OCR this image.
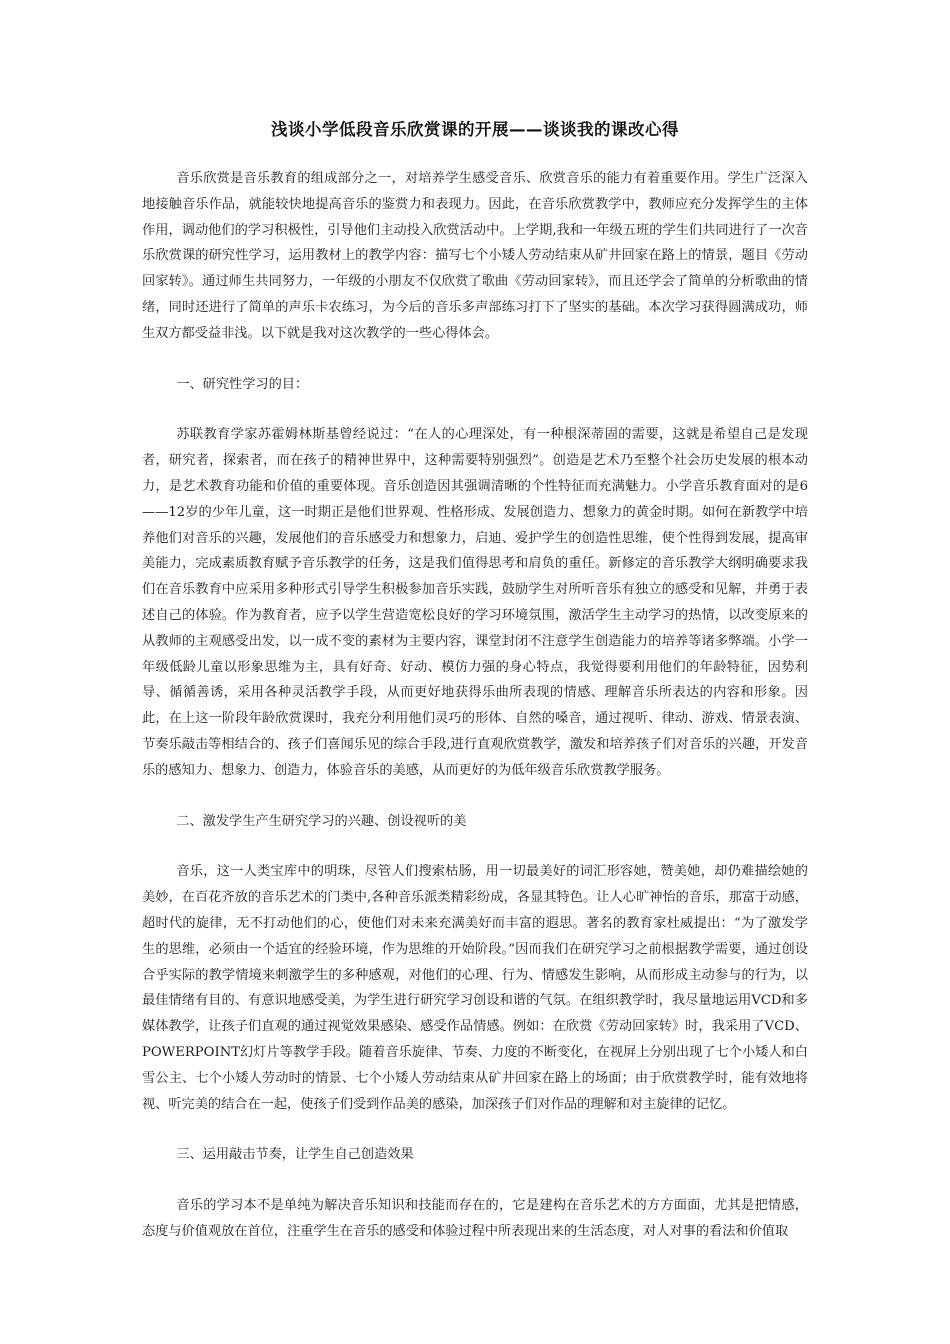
浅谈小学低段音乐欣赏课的开展——谈谈我的课改心得

音乐欣赏是音乐教育的组成部分之一，对培养学生感受音乐、欣赏音乐的能力有着重要作用。学生广泛深入地接触音乐作品，就能较快地提高音乐的鉴赏力和表现力。因此，在音乐欣赏教学中，教师应充分发挥学生的主体作用，调动他们的学习积极性，引导他们主动投入欣赏活动中。上学期,我和一年级五班的学生们共同进行了一次音乐欣赏课的研究性学习，运用教材上的教学内容：描写七个小矮人劳动结束从矿井回家在路上的情景，题目《劳动回家转》。通过师生共同努力，一年级的小朋友不仅欣赏了歌曲《劳动回家转》，而且还学会了简单的分析歌曲的情绪，同时还进行了简单的声乐卡农练习，为今后的音乐多声部练习打下了坚实的基础。本次学习获得圆满成功，师生双方都受益非浅。以下就是我对这次教学的一些心得体会。

一、研究性学习的目：

苏联教育学家苏霍姆林斯基曾经说过：“在人的心理深处，有一种根深蒂固的需要，这就是希望自己是发现者，研究者，探索者，而在孩子的精神世界中，这种需要特别强烈”。创造是艺术乃至整个社会历史发展的根本动力，是艺术教育功能和价值的重要体现。音乐创造因其强调清晰的个性特征而充满魅力。小学音乐教育面对的是6——12岁的少年儿童，这一时期正是他们世界观、性格形成、发展创造力、想象力的黄金时期。如何在新教学中培养他们对音乐的兴趣，发展他们的音乐感受力和想象力，启迪、爱护学生的创造性思维，使个性得到发展，提高审美能力，完成素质教育赋予音乐教学的任务，这是我们值得思考和肩负的重任。新修定的音乐教学大纲明确要求我们在音乐教育中应采用多种形式引导学生积极参加音乐实践，鼓励学生对所听音乐有独立的感受和见解，并勇于表述自己的体验。作为教育者，应予以学生营造宽松良好的学习环境氛围，激活学生主动学习的热情，以改变原来的从教师的主观感受出发，以一成不变的素材为主要内容，课堂封闭不注意学生创造能力的培养等诸多弊端。小学一年级低龄儿童以形象思维为主，具有好奇、好动、模仿力强的身心特点，我觉得要利用他们的年龄特征，因势利导、循循善诱，采用各种灵活教学手段，从而更好地获得乐曲所表现的情感、理解音乐所表达的内容和形象。因此，在上这一阶段年龄欣赏课时，我充分利用他们灵巧的形体、自然的嗓音，通过视听、律动、游戏、情景表演、节奏乐敲击等相结合的、孩子们喜闻乐见的综合手段,进行直观欣赏教学，激发和培养孩子们对音乐的兴趣，开发音乐的感知力、想象力、创造力，体验音乐的美感，从而更好的为低年级音乐欣赏教学服务。

二、激发学生产生研究学习的兴趣、创设视听的美

音乐，这一人类宝库中的明珠，尽管人们搜索枯肠，用一切最美好的词汇形容她，赞美她，却仍难描绘她的美妙，在百花齐放的音乐艺术的门类中,各种音乐派类精彩纷成，各显其特色。让人心旷神怡的音乐，那富于动感，超时代的旋律，无不打动他们的心，使他们对未来充满美好而丰富的遐思。著名的教育家杜威提出：“为了激发学生的思维，必须由一个适宜的经验环境，作为思维的开始阶段。”因而我们在研究学习之前根据教学需要，通过创设合乎实际的教学情境来刺激学生的多种感观，对他们的心理、行为、情感发生影响，从而形成主动参与的行为，以最佳情绪有目的、有意识地感受美，为学生进行研究学习创设和谐的气氛。在组织教学时，我尽量地运用VCD和多媒体教学，让孩子们直观的通过视觉效果感染、感受作品情感。例如：在欣赏《劳动回家转》时，我采用了VCD、POWERPOINT幻灯片等教学手段。随着音乐旋律、节奏、力度的不断变化，在视屏上分别出现了七个小矮人和白雪公主、七个小矮人劳动时的情景、七个小矮人劳动结束从矿井回家在路上的场面；由于欣赏教学时，能有效地将视、听完美的结合在一起，使孩子们受到作品美的感染，加深孩子们对作品的理解和对主旋律的记忆。

三、运用敲击节奏，让学生自己创造效果

音乐的学习本不是单纯为解决音乐知识和技能而存在的，它是建构在音乐艺术的方方面面，尤其是把情感，态度与价值观放在首位，注重学生在音乐的感受和体验过程中所表现出来的生活态度，对人对事的看法和价值取
